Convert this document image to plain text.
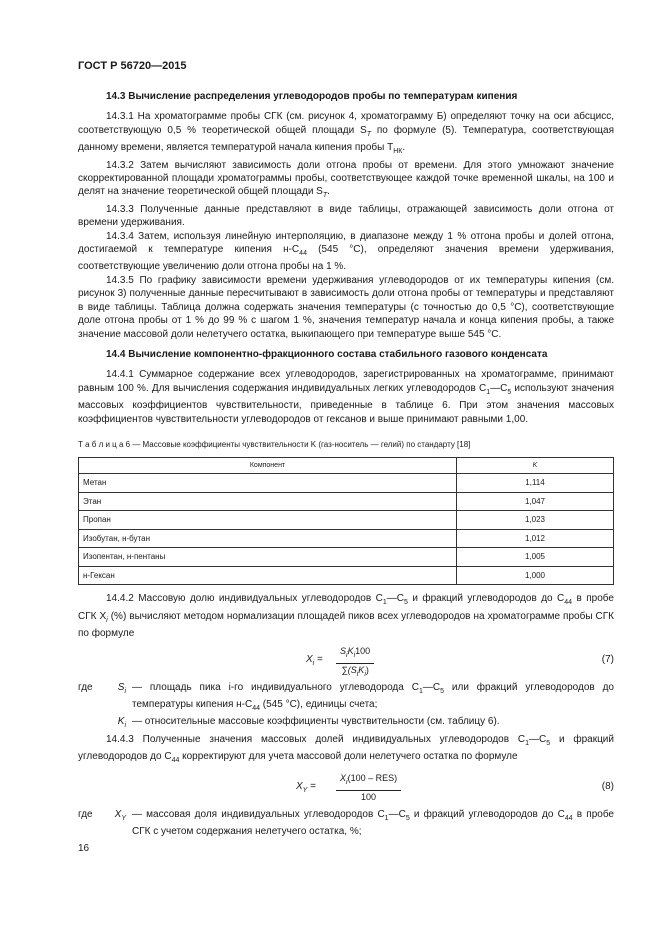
ГОСТ Р 56720—2015
14.3 Вычисление распределения углеводородов пробы по температурам кипения

14.3.1 На хроматограмме пробы СГК (см. рисунок 4, хроматограмму Б) определяют точку на оси абсцисс, соответствующую 0,5 % теоретической общей площади $S_T$ по формуле (5). Температура, соответствующая данному времени, является температурой начала кипения пробы $T_{НК}$.

14.3.2 Затем вычисляют зависимость доли отгона пробы от времени. Для этого умножают значение скорректированной площади хроматограммы пробы, соответствующее каждой точке временной шкалы, на 100 и делят на значение теоретической общей площади $S_T$.

14.3.3 Полученные данные представляют в виде таблицы, отражающей зависимость доли отгона от времени удерживания.

14.3.4 Затем, используя линейную интерполяцию, в диапазоне между 1 % отгона пробы и долей отгона, достигаемой к температуре кипения $н-С_{44}$ (545 °C), определяют значения времени удерживания, соответствующие увеличению доли отгона пробы на 1 %.

14.3.5 По графику зависимости времени удерживания углеводородов от их температуры кипения (см. рисунок 3) полученные данные пересчитывают в зависимость доли отгона пробы от температуры и представляют в виде таблицы. Таблица должна содержать значения температуры (с точностью до 0,5 °C), соответствующие доле отгона пробы от 1 % до 99 % с шагом 1 %, значения температур начала и конца кипения пробы, а также значение массовой доли нелетучего остатка, выкипающего при температуре выше 545 °C.

14.4 Вычисление компонентно-фракционного состава стабильного газового конденсата

14.4.1 Суммарное содержание всех углеводородов, зарегистрированных на хроматограмме, принимают равным 100 %. Для вычисления содержания индивидуальных легких углеводородов $С_1—С_5$ используют значения массовых коэффициентов чувствительности, приведенные в таблице 6. При этом значения массовых коэффициентов чувствительности углеводородов от гексанов и выше принимают равными 1,00.

Т а б л и ц а 6 — Массовые коэффициенты чувствительности K (газ-носитель — гелий) по стандарту [18]
Компонент	K
Метан	1,114
Этан	1,047
Пропан	1,023
Изобутан, н-бутан	1,012
Изопентан, н-пентаны	1,005
н-Гексан	1,000

14.4.2 Массовую долю индивидуальных углеводородов $С_1—С_5$ и фракций углеводородов до $С_{44}$ в пробе СГК $X_i$ (%) вычисляют методом нормализации площадей пиков всех углеводородов на хроматограмме пробы СГК по формуле

$X_i$ =
$S_iK_i100$
$\sum(S_iK_i)$
(7)
где	$S_i$ — площадь пика i-го индивидуального углеводорода $С_1—С_5$ или фракций углеводородов до температуры кипения $н-С_{44}$ (545 °C), единицы счета;
$K_i$ — относительные массовые коэффициенты чувствительности (см. таблицу 6).

14.4.3 Полученные значения массовых долей индивидуальных углеводородов $С_1—С_5$ и фракций углеводородов до $С_{44}$ корректируют для учета массовой доли нелетучего остатка по формуле

$X_Y$ =
$X_i(100 - RES)$
100
(8)
где	$X_Y$ — массовая доля индивидуальных углеводородов $С_1—С_5$ и фракций углеводородов до $С_{44}$ в пробе СГК с учетом содержания нелетучего остатка, %;
16
